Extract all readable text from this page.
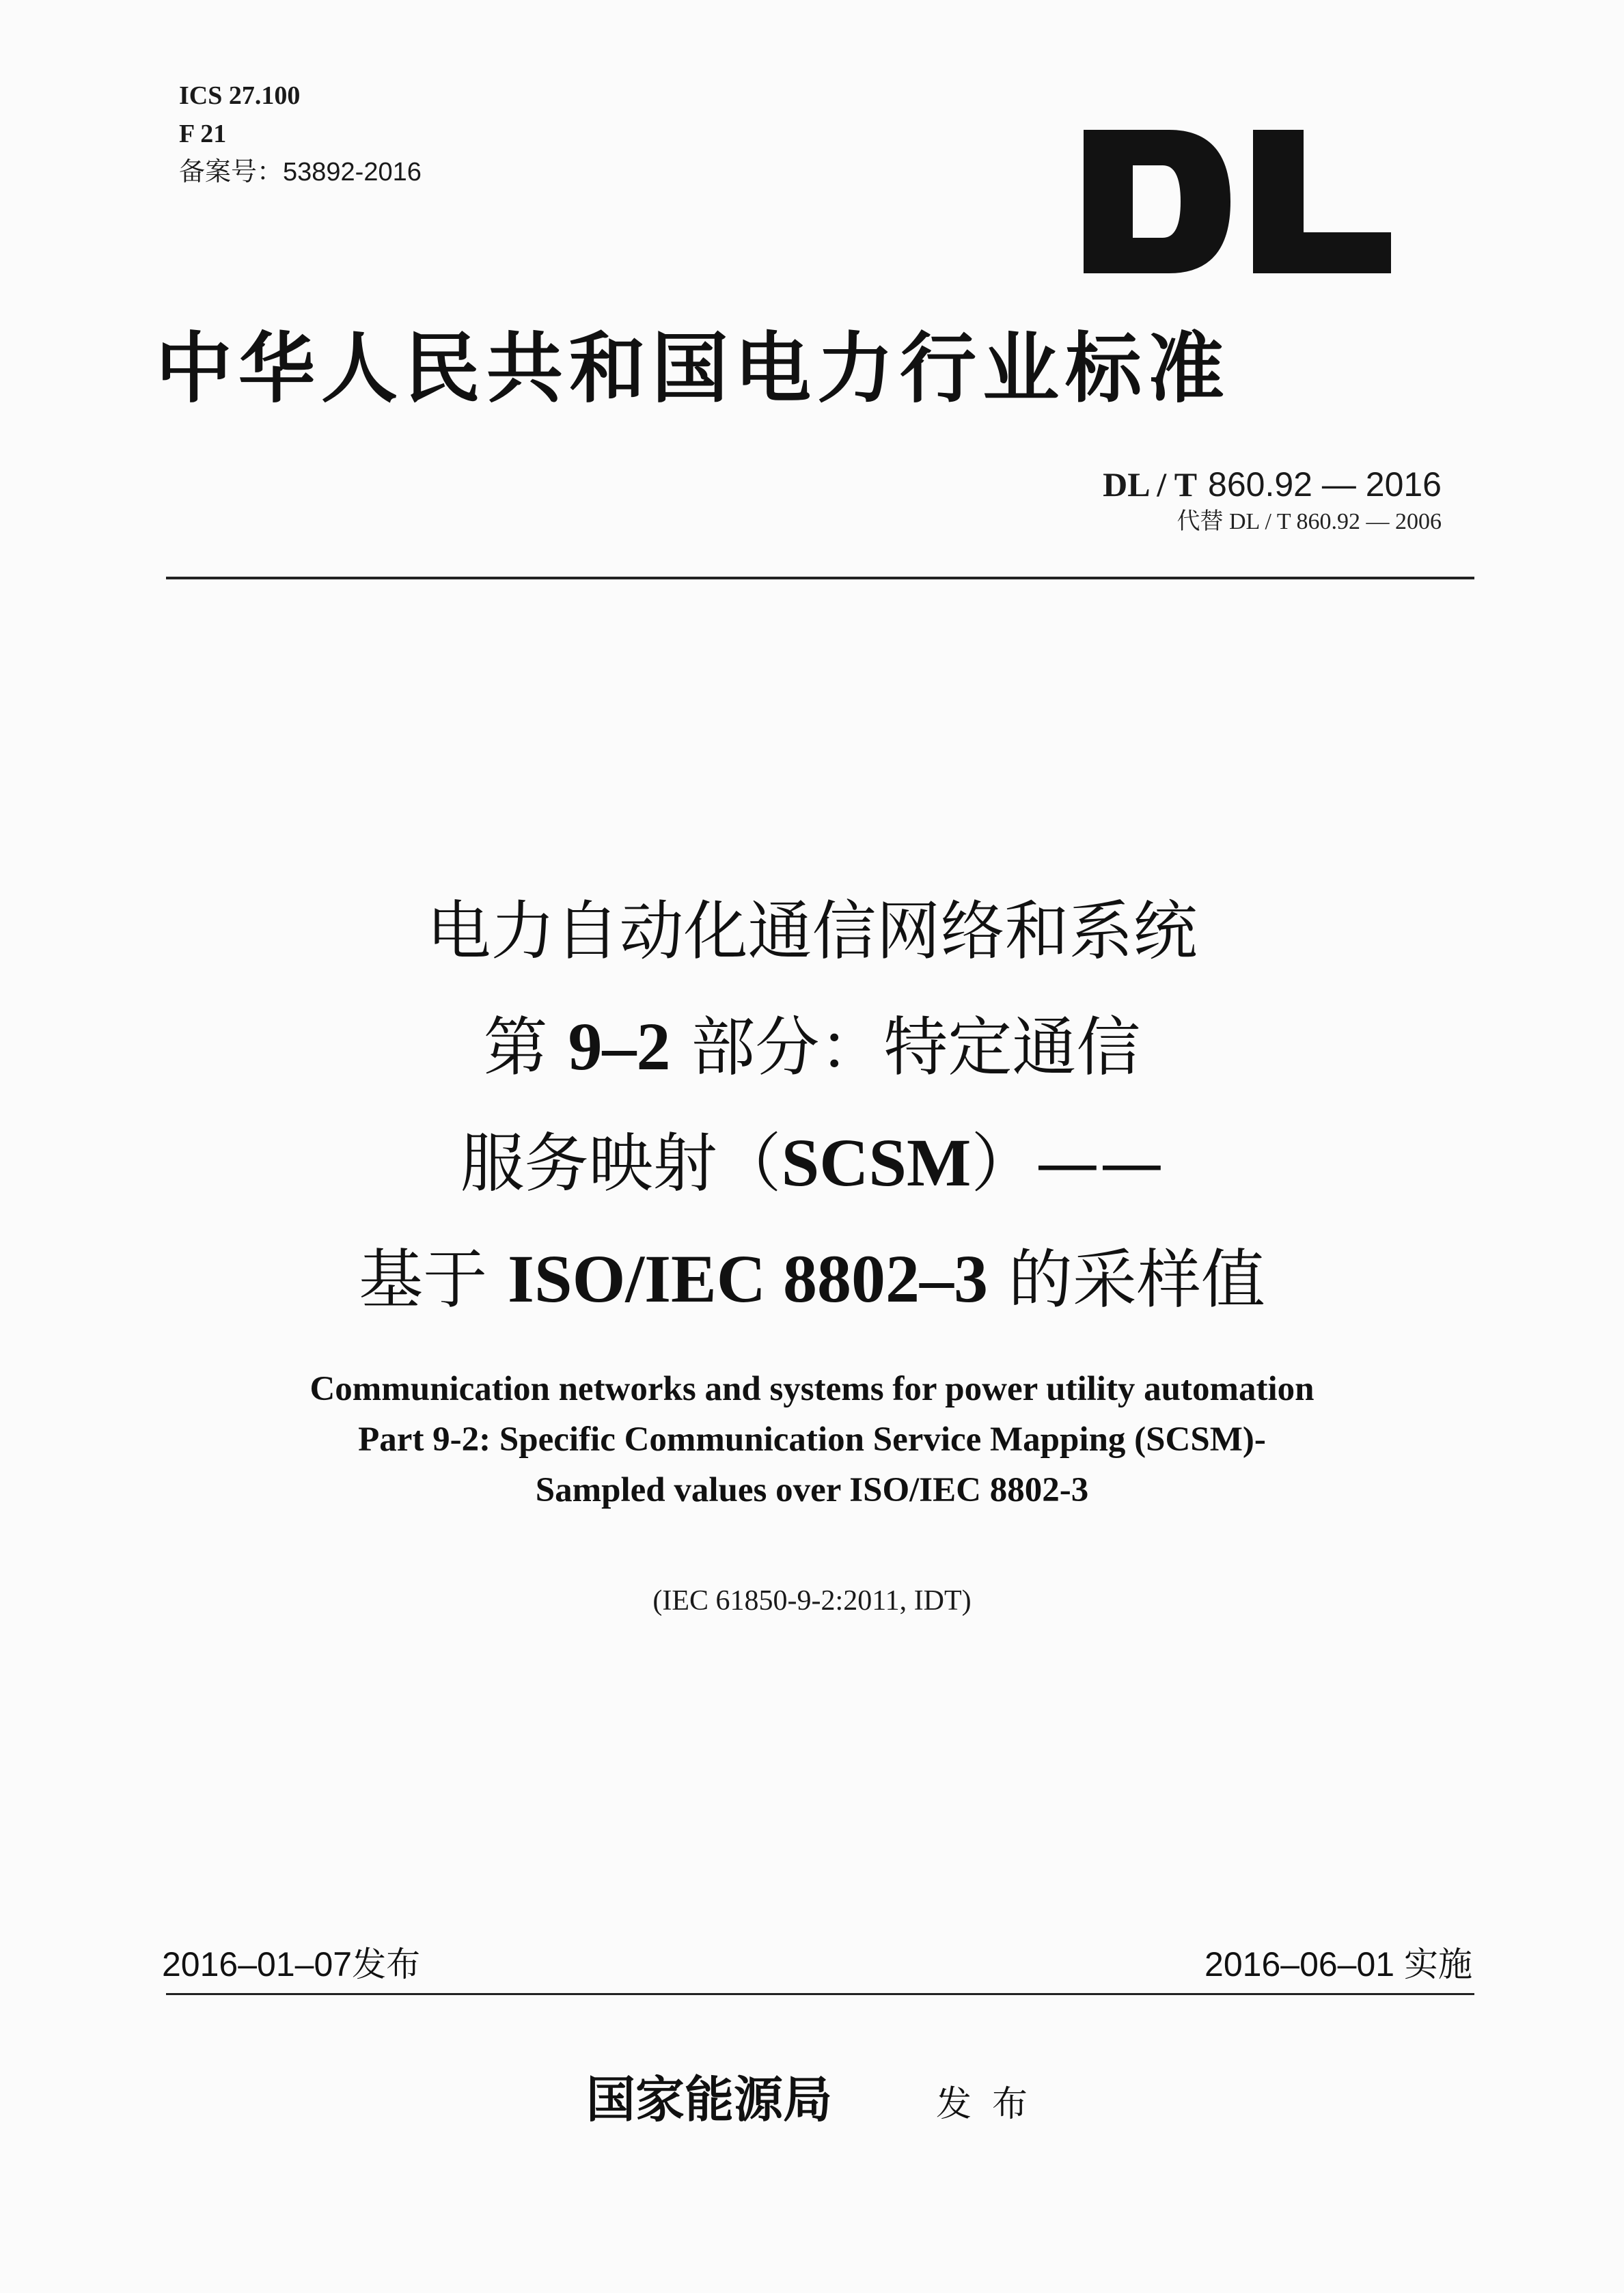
ICS 27.100
F 21
备案号：53892-2016
中华人民共和国电力行业标准
DL / T 860.92 — 2016
代替 DL / T 860.92 — 2006
电力自动化通信网络和系统
第 9–2 部分：特定通信
服务映射（SCSM）——
基于 ISO/IEC 8802–3 的采样值
Communication networks and systems for power utility automation
Part 9-2: Specific Communication Service Mapping (SCSM)-
Sampled values over ISO/IEC 8802-3
(IEC 61850-9-2:2011, IDT)
2016–01–07发布	2016–06–01 实施
国家能源局	发布
